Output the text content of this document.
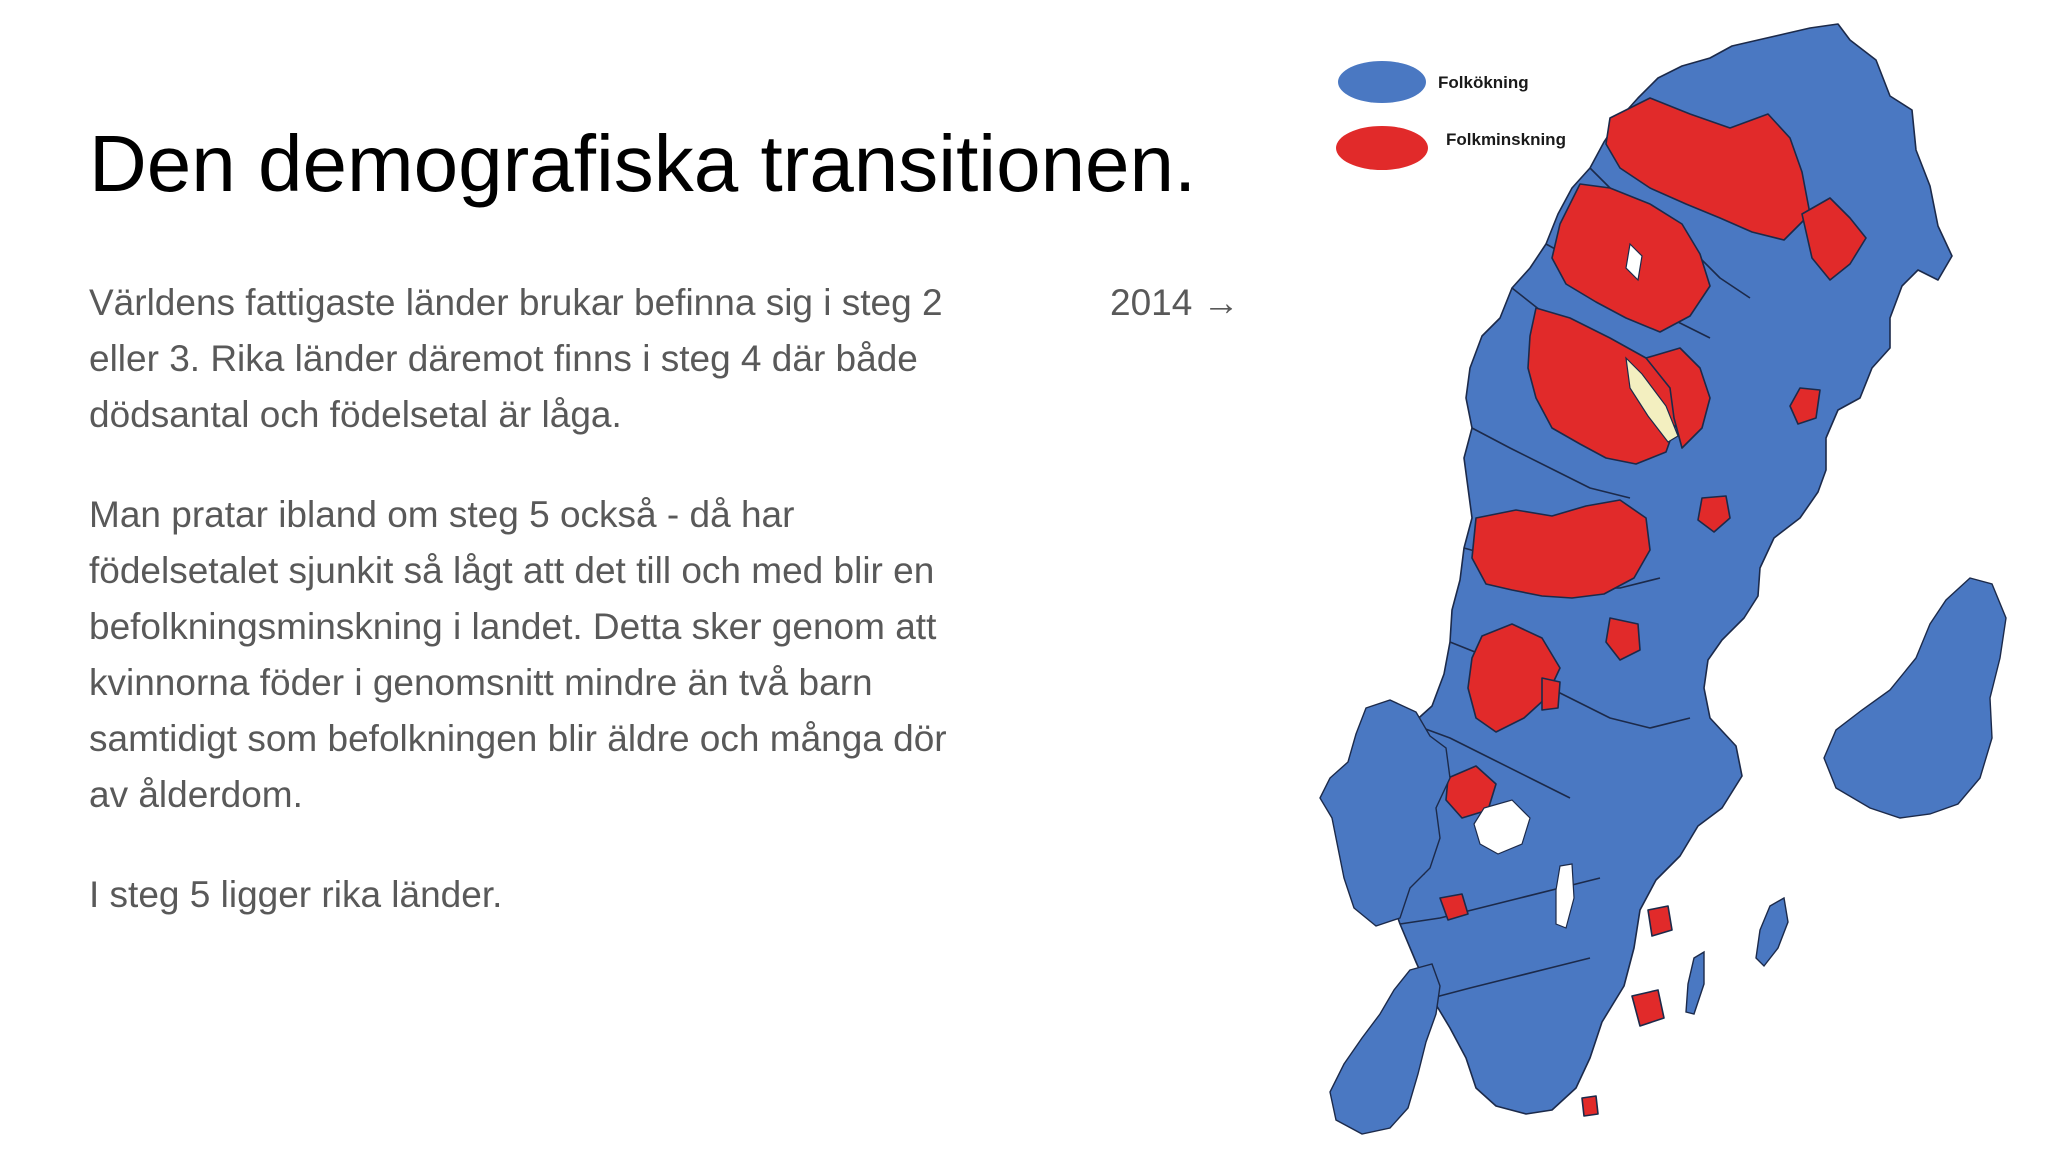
Den demografiska transitionen.

Världens fattigaste länder brukar befinna sig i steg 2 eller 3. Rika länder däremot finns i steg 4 där både dödsantal och födelsetal är låga.

Man pratar ibland om steg 5 också - då har födelsetalet sjunkit så lågt att det till och med blir en befolkningsminskning i landet. Detta sker genom att kvinnorna föder i genomsnitt mindre än två barn samtidigt som befolkningen blir äldre och många dör av ålderdom.

I steg 5 ligger rika länder.

2014 →
Folkökning
Folkminskning
